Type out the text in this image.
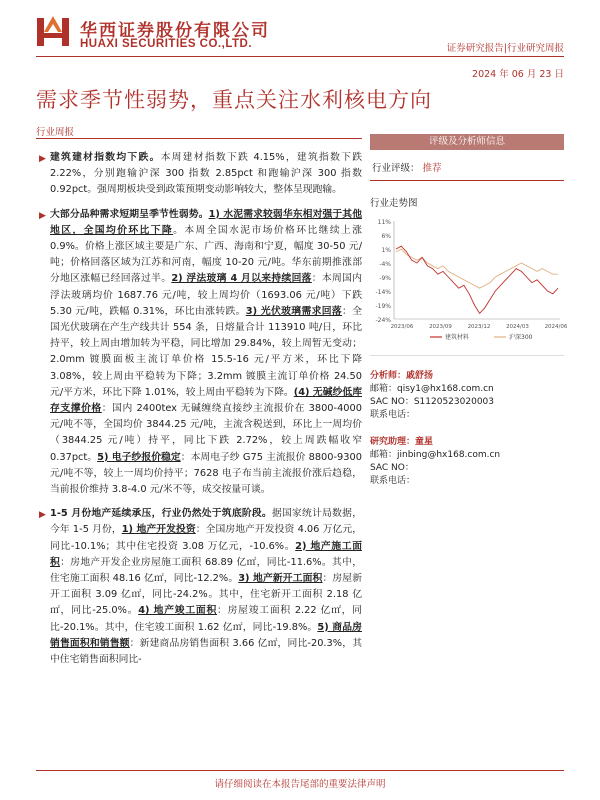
华西证券股份有限公司
HUAXI SECURITIES CO.,LTD.	证券研究报告|行业研究周报
2024 年 06 月 23 日
需求季节性弱势，重点关注水利核电方向
行业周报
▶ 建筑建材指数均下跌。本周建材指数下跌 4.15%，建筑指数下跌 2.22%，分别跑输沪深 300 指数 2.85pct 和跑输沪深 300 指数 0.92pct。强周期板块受到政策预期变动影响较大，整体呈现跑输。
▶ 大部分品种需求短期呈季节性弱势。1) 水泥需求较弱华东相对强于其他地区，全国均价环比下降。本周全国水泥市场价格环比继续上涨 0.9%。价格上涨区域主要是广东、广西、海南和宁夏，幅度 30-50 元/吨；价格回落区域为江苏和河南，幅度 10-20 元/吨。华东前期推涨部分地区涨幅已经回落过半。2) 浮法玻璃 4 月以来持续回落：本周国内浮法玻璃均价 1687.76 元/吨，较上周均价（1693.06 元/吨）下跌 5.30 元/吨，跌幅 0.31%，环比由涨转跌。3) 光伏玻璃需求回落：全国光伏玻璃在产生产线共计 554 条，日熔量合计 113910 吨/日，环比持平，较上周由增加转为平稳，同比增加 29.84%，较上周暂无变动；2.0mm 镀膜面板主流订单价格 15.5-16 元/平方米，环比下降 3.08%，较上周由平稳转为下降；3.2mm 镀膜主流订单价格 24.50 元/平方米，环比下降 1.01%，较上周由平稳转为下降。(4) 无碱纱低库存支撑价格：国内 2400tex 无碱缠绕直接纱主流报价在 3800-4000 元/吨不等，全国均价 3844.25 元/吨，主流含税送到，环比上一周均价（3844.25 元/吨）持平，同比下跌 2.72%，较上周跌幅收窄 0.37pct。5) 电子纱报价稳定：本周电子纱 G75 主流报价 8800-9300 元/吨不等，较上一周均价持平；7628 电子布当前主流报价涨后趋稳，当前报价维持 3.8-4.0 元/米不等，成交按量可谈。
▶ 1-5 月份地产延续承压，行业仍然处于筑底阶段。据国家统计局数据，今年 1-5 月份，1) 地产开发投资：全国房地产开发投资 4.06 万亿元，同比-10.1%；其中住宅投资 3.08 万亿元，-10.6%。2) 地产施工面积：房地产开发企业房屋施工面积 68.89 亿㎡，同比-11.6%。其中，住宅施工面积 48.16 亿㎡，同比-12.2%。3) 地产新开工面积：房屋新开工面积 3.09 亿㎡，同比-24.2%。其中，住宅新开工面积 2.18 亿㎡，同比-25.0%。4) 地产竣工面积：房屋竣工面积 2.22 亿㎡，同比-20.1%。其中，住宅竣工面积 1.62 亿㎡，同比-19.8%。5) 商品房销售面积和销售额：新建商品房销售面积 3.66 亿㎡，同比-20.3%，其中住宅销售面积同比-
评级及分析师信息
行业评级： 推荐
行业走势图
11%
6%
1%
-4%
-9%
-14%
-19%
-24%
2023/06	2023/09	2023/12	2024/03	2024/06
建筑材料	沪深300
分析师：戚舒扬
邮箱：qisy1@hx168.com.cn
SAC NO：S1120523020003
联系电话：
研究助理：童星
邮箱：jinbing@hx168.com.cn
SAC NO：
联系电话：
请仔细阅读在本报告尾部的重要法律声明
